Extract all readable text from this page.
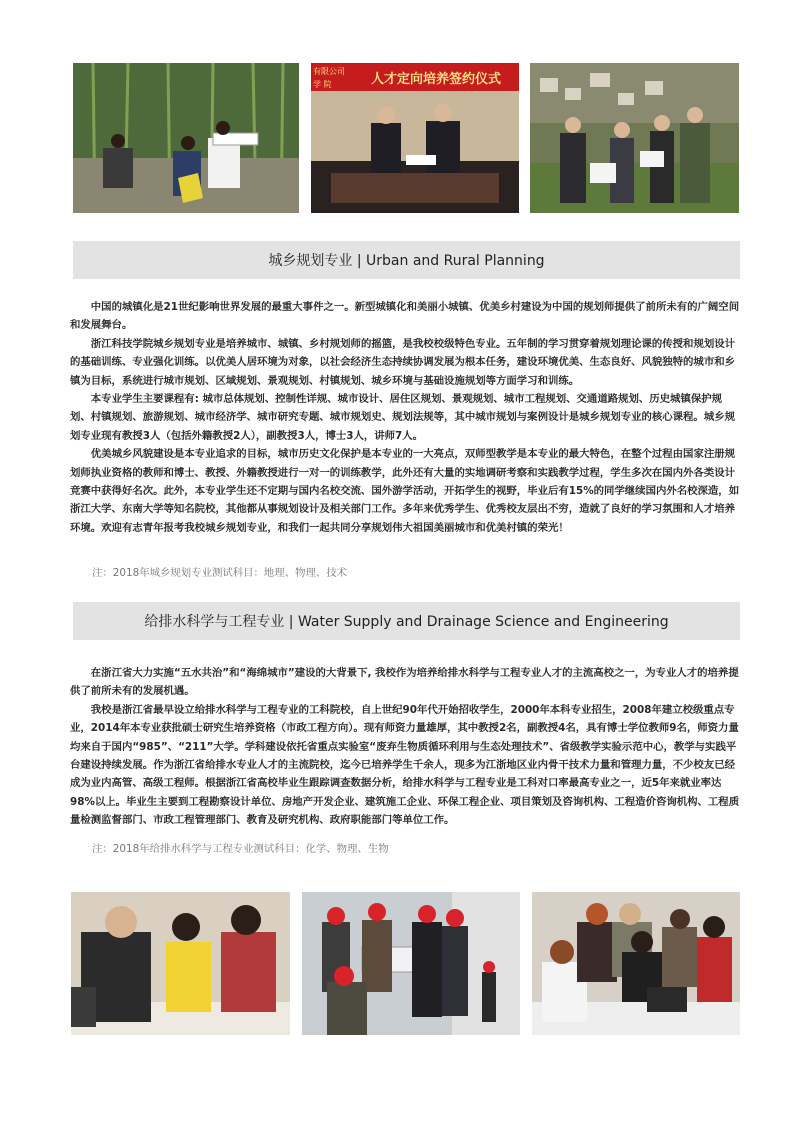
人才定向培养签约仪式
有限公司
学 院
城乡规划专业 | Urban and Rural Planning

中国的城镇化是21世纪影响世界发展的最重大事件之一。新型城镇化和美丽小城镇、优美乡村建设为中国的规划师提供了前所未有的广阔空间和发展舞台。

浙江科技学院城乡规划专业是培养城市、城镇、乡村规划师的摇篮，是我校校级特色专业。五年制的学习贯穿着规划理论课的传授和规划设计的基础训练、专业强化训练。以优美人居环境为对象，以社会经济生态持续协调发展为根本任务，建设环境优美、生态良好、风貌独特的城市和乡镇为目标，系统进行城市规划、区域规划、景观规划、村镇规划、城乡环境与基础设施规划等方面学习和训练。

本专业学生主要课程有: 城市总体规划、控制性详规、城市设计、居住区规划、景观规划、城市工程规划、交通道路规划、历史城镇保护规划、村镇规划、旅游规划、城市经济学、城市研究专题、城市规划史、规划法规等，其中城市规划与案例设计是城乡规划专业的核心课程。城乡规划专业现有教授3人（包括外籍教授2人），副教授3人，博士3人，讲师7人。

优美城乡风貌建设是本专业追求的目标，城市历史文化保护是本专业的一大亮点，双师型教学是本专业的最大特色，在整个过程由国家注册规划师执业资格的教师和博士、教授、外籍教授进行一对一的训练教学，此外还有大量的实地调研考察和实践教学过程，学生多次在国内外各类设计竞赛中获得好名次。此外，本专业学生还不定期与国内名校交流、国外游学活动，开拓学生的视野，毕业后有15%的同学继续国内外名校深造，如浙江大学、东南大学等知名院校，其他都从事规划设计及相关部门工作。多年来优秀学生、优秀校友层出不穷，造就了良好的学习氛围和人才培养环境。欢迎有志青年报考我校城乡规划专业，和我们一起共同分享规划伟大祖国美丽城市和优美村镇的荣光！

注：2018年城乡规划专业测试科目：地理、物理、技术
给排水科学与工程专业 | Water Supply and Drainage Science and Engineering

在浙江省大力实施“五水共治”和“海绵城市”建设的大背景下, 我校作为培养给排水科学与工程专业人才的主流高校之一，为专业人才的培养提供了前所未有的发展机遇。

我校是浙江省最早设立给排水科学与工程专业的工科院校，自上世纪90年代开始招收学生，2000年本科专业招生，2008年建立校级重点专业，2014年本专业获批硕士研究生培养资格（市政工程方向）。现有师资力量雄厚，其中教授2名，副教授4名，具有博士学位教师9名，师资力量均来自于国内“985”、“211”大学。学科建设依托省重点实验室“废弃生物质循环利用与生态处理技术”、省级教学实验示范中心，教学与实践平台建设持续发展。作为浙江省给排水专业人才的主流院校，迄今已培养学生千余人，现多为江浙地区业内骨干技术力量和管理力量，不少校友已经成为业内高管、高级工程师。根据浙江省高校毕业生跟踪调查数据分析，给排水科学与工程专业是工科对口率最高专业之一，近5年来就业率达98%以上。毕业生主要到工程勘察设计单位、房地产开发企业、建筑施工企业、环保工程企业、项目策划及咨询机构、工程造价咨询机构、工程质量检测监督部门、市政工程管理部门、教育及研究机构、政府职能部门等单位工作。

注：2018年给排水科学与工程专业测试科目：化学、物理、生物
